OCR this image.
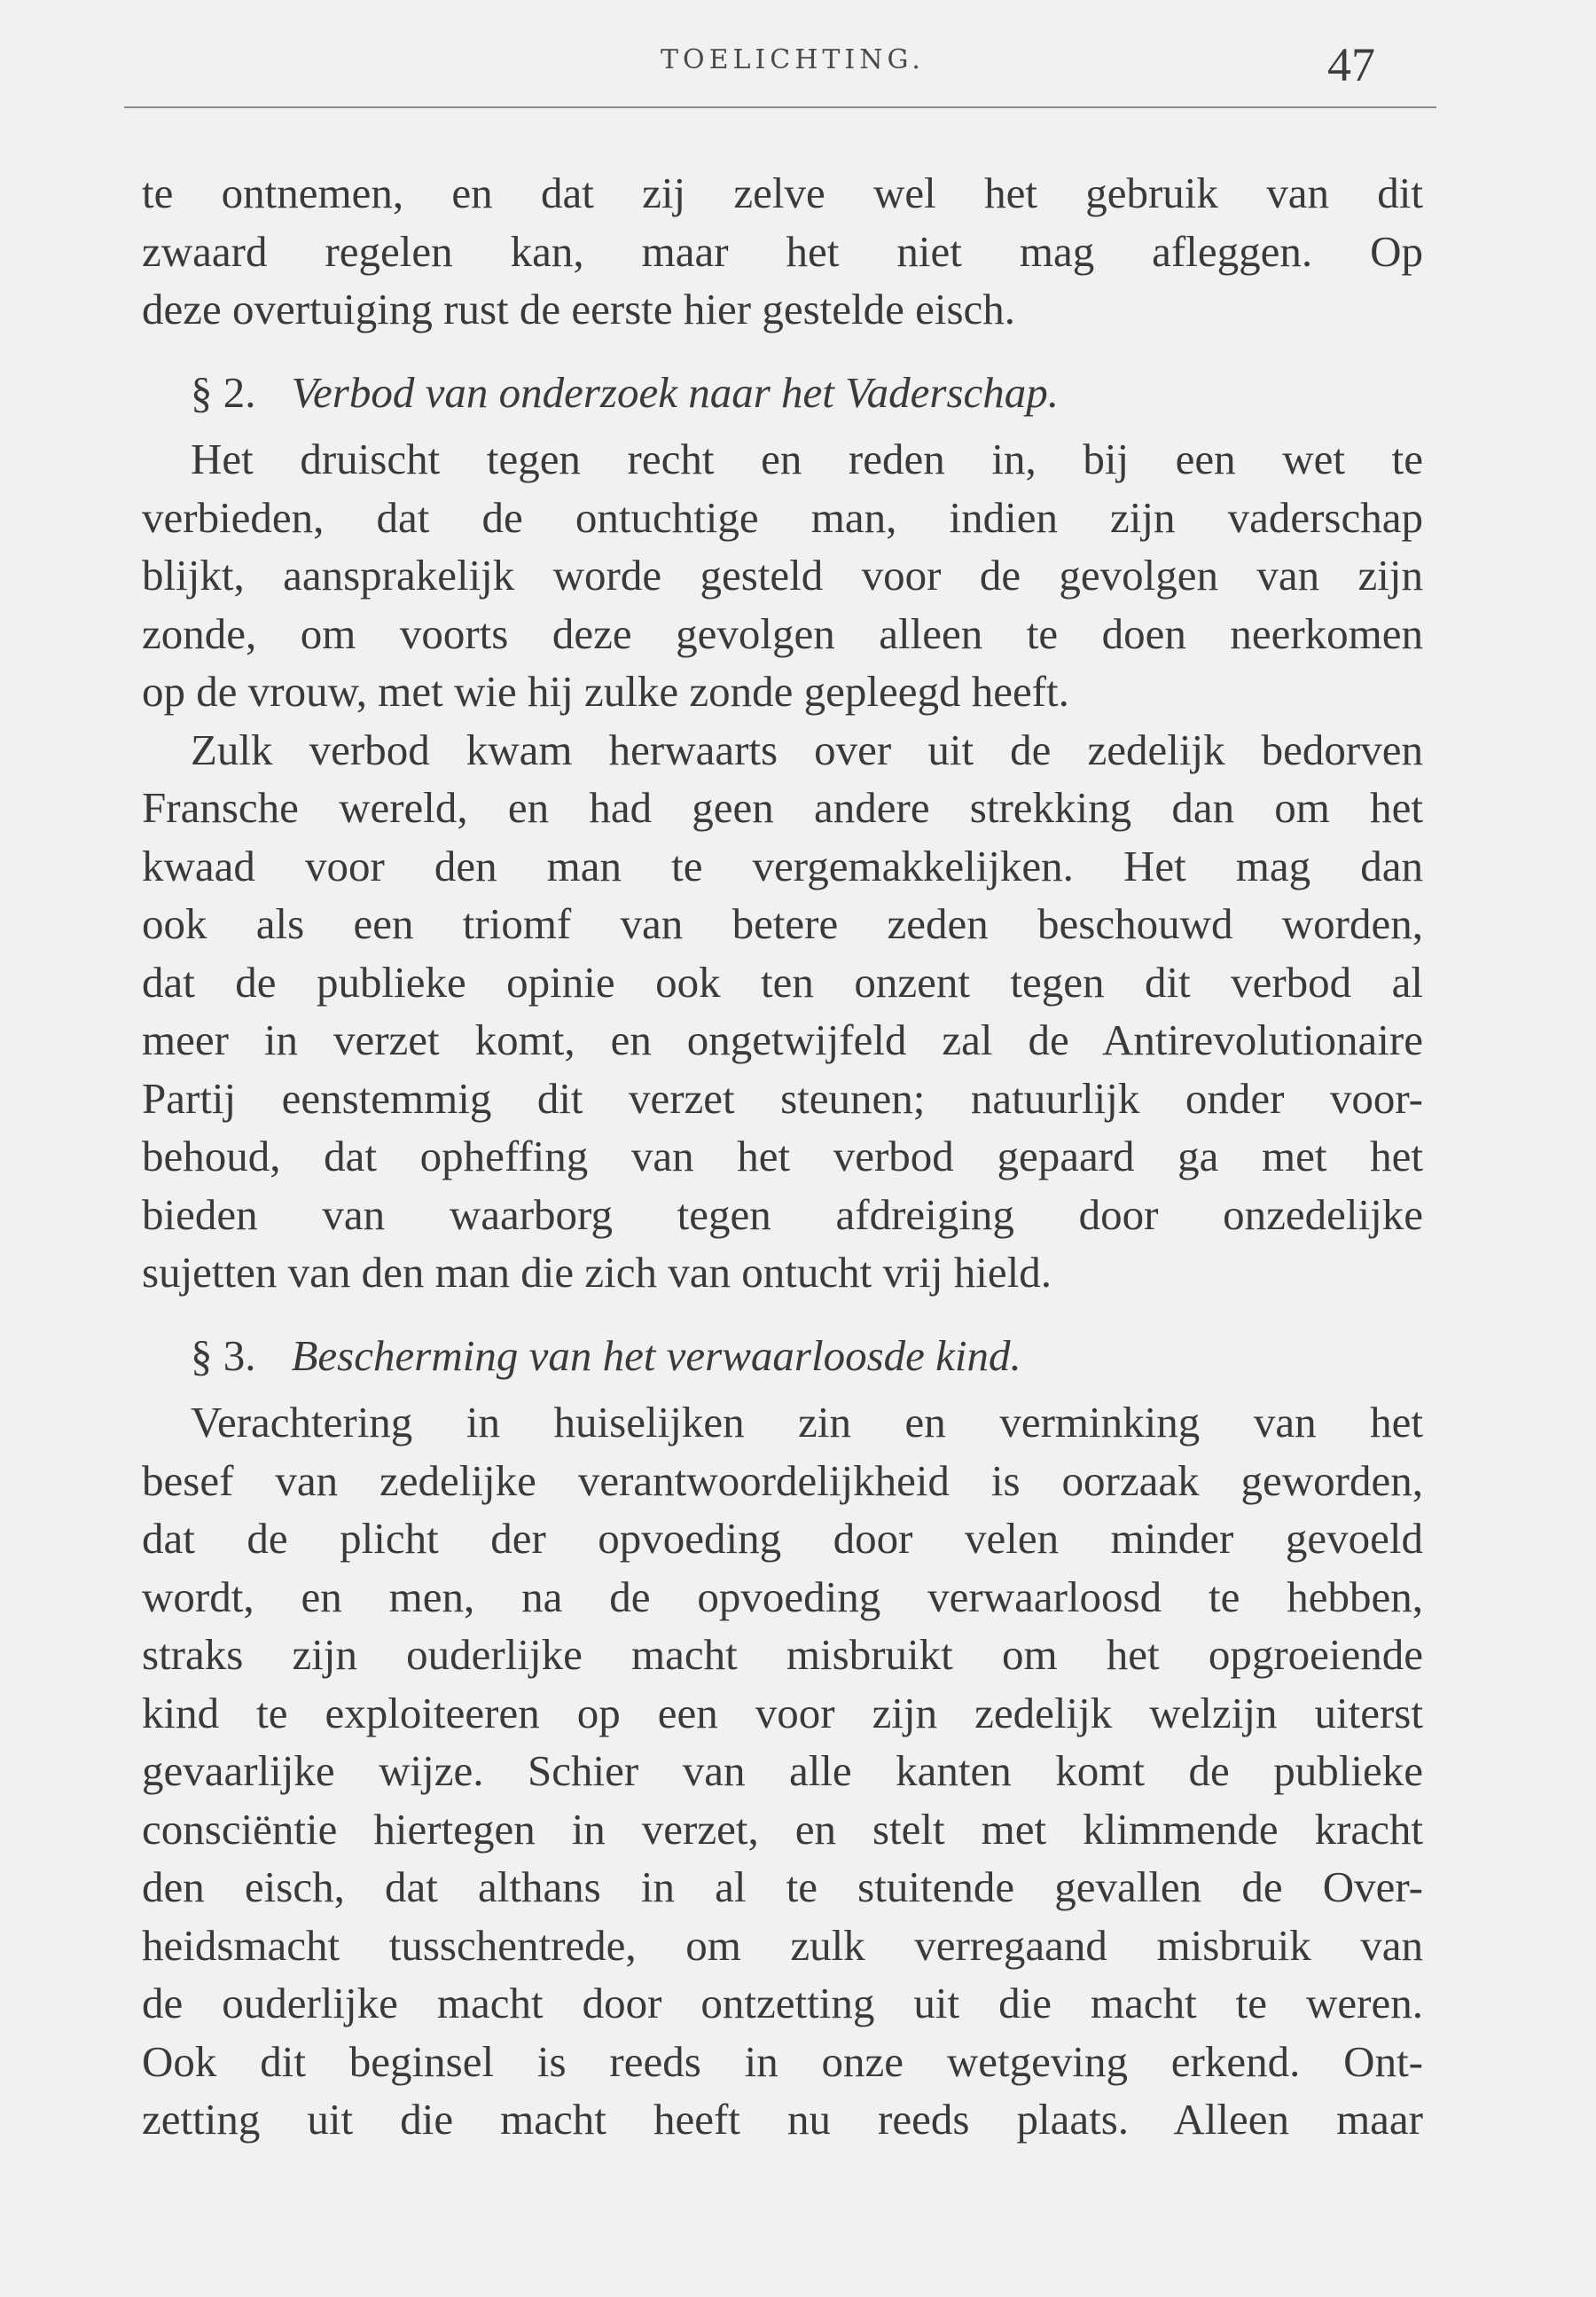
TOELICHTING.	47
te ontnemen, en dat zij zelve wel het gebruik van dit
zwaard regelen kan, maar het niet mag afleggen. Op
deze overtuiging rust de eerste hier gestelde eisch.
§ 2. Verbod van onderzoek naar het Vaderschap.
Het druischt tegen recht en reden in, bij een wet te
verbieden, dat de ontuchtige man, indien zijn vaderschap
blijkt, aansprakelijk worde gesteld voor de gevolgen van zijn
zonde, om voorts deze gevolgen alleen te doen neerkomen
op de vrouw, met wie hij zulke zonde gepleegd heeft.
Zulk verbod kwam herwaarts over uit de zedelijk bedorven
Fransche wereld, en had geen andere strekking dan om het
kwaad voor den man te vergemakkelijken. Het mag dan
ook als een triomf van betere zeden beschouwd worden,
dat de publieke opinie ook ten onzent tegen dit verbod al
meer in verzet komt, en ongetwijfeld zal de Antirevolutionaire
Partij eenstemmig dit verzet steunen; natuurlijk onder voor-
behoud, dat opheffing van het verbod gepaard ga met het
bieden van waarborg tegen afdreiging door onzedelijke
sujetten van den man die zich van ontucht vrij hield.
§ 3. Bescherming van het verwaarloosde kind.
Verachtering in huiselijken zin en verminking van het
besef van zedelijke verantwoordelijkheid is oorzaak geworden,
dat de plicht der opvoeding door velen minder gevoeld
wordt, en men, na de opvoeding verwaarloosd te hebben,
straks zijn ouderlijke macht misbruikt om het opgroeiende
kind te exploiteeren op een voor zijn zedelijk welzijn uiterst
gevaarlijke wijze. Schier van alle kanten komt de publieke
consciëntie hiertegen in verzet, en stelt met klimmende kracht
den eisch, dat althans in al te stuitende gevallen de Over-
heidsmacht tusschentrede, om zulk verregaand misbruik van
de ouderlijke macht door ontzetting uit die macht te weren.
Ook dit beginsel is reeds in onze wetgeving erkend. Ont-
zetting uit die macht heeft nu reeds plaats. Alleen maar
